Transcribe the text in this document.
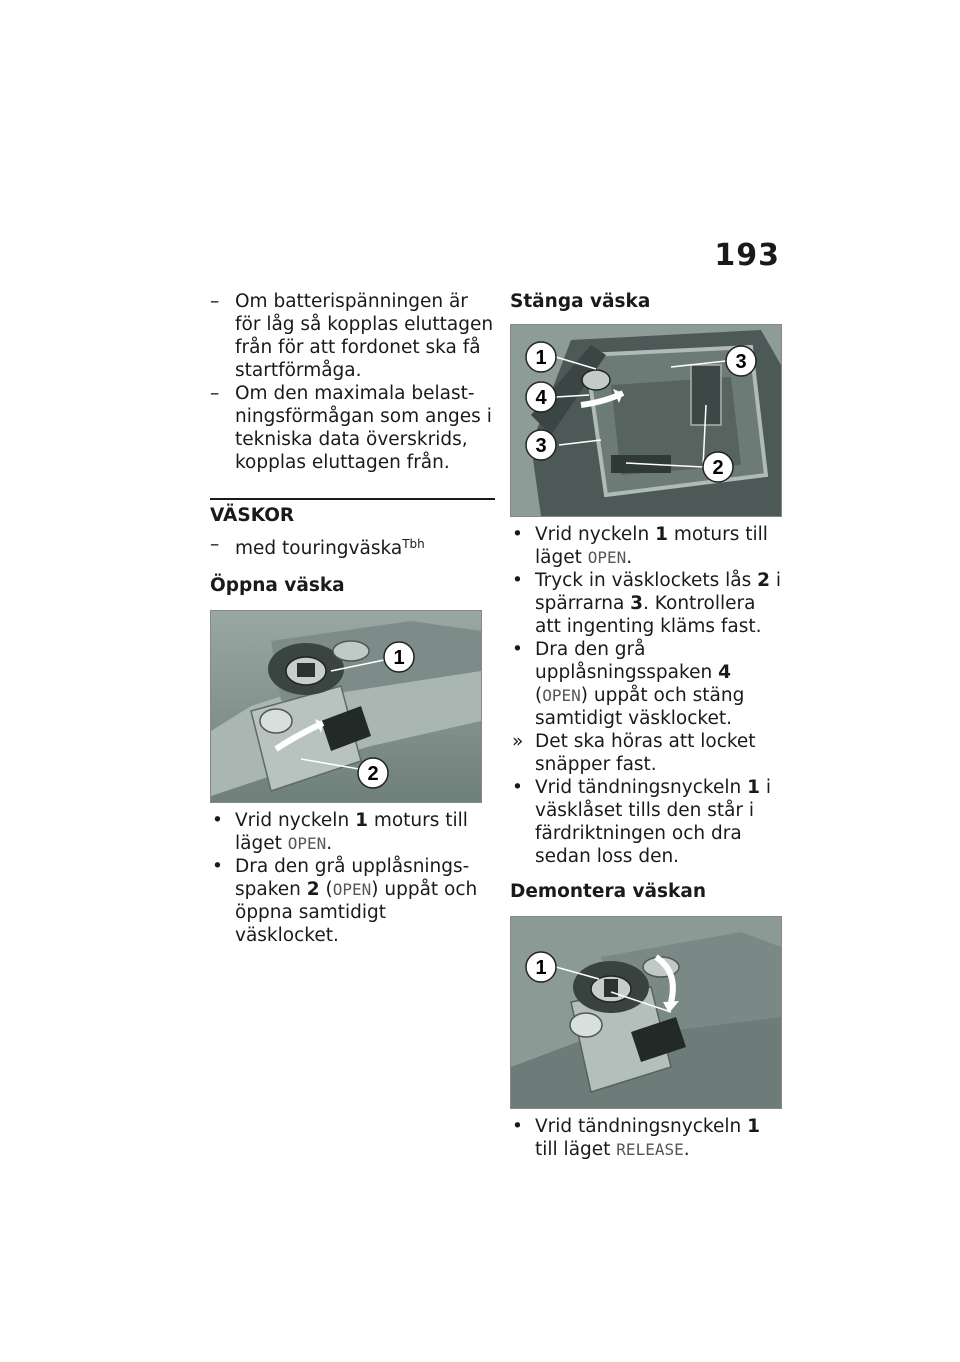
193

– Om batterispänningen är för låg så kopplas eluttagen från för att fordonet ska få startförmåga.

– Om den maximala belastningsförmågan som anges i tekniska data överskrids, kopplas eluttagen från.

VÄSKOR

– med touringväska$^{Tbh}$

Öppna väska

1
2

• Vrid nyckeln 1 moturs till läget OPEN.

• Dra den grå upplåsningsspaken 2 (OPEN) uppåt och öppna samtidigt väsklocket.

Stänga väska

1
4
3
3
2

• Vrid nyckeln 1 moturs till läget OPEN.

• Tryck in väsklockets lås 2 i spärrarna 3. Kontrollera att ingenting kläms fast.

• Dra den grå upplåsningsspaken 4 (OPEN) uppåt och stäng samtidigt väsklocket.

» Det ska höras att locket snäpper fast.

• Vrid tändningsnyckeln 1 i väsklåset tills den står i färdriktningen och dra sedan loss den.

Demontera väskan

1

• Vrid tändningsnyckeln 1 till läget RELEASE.
